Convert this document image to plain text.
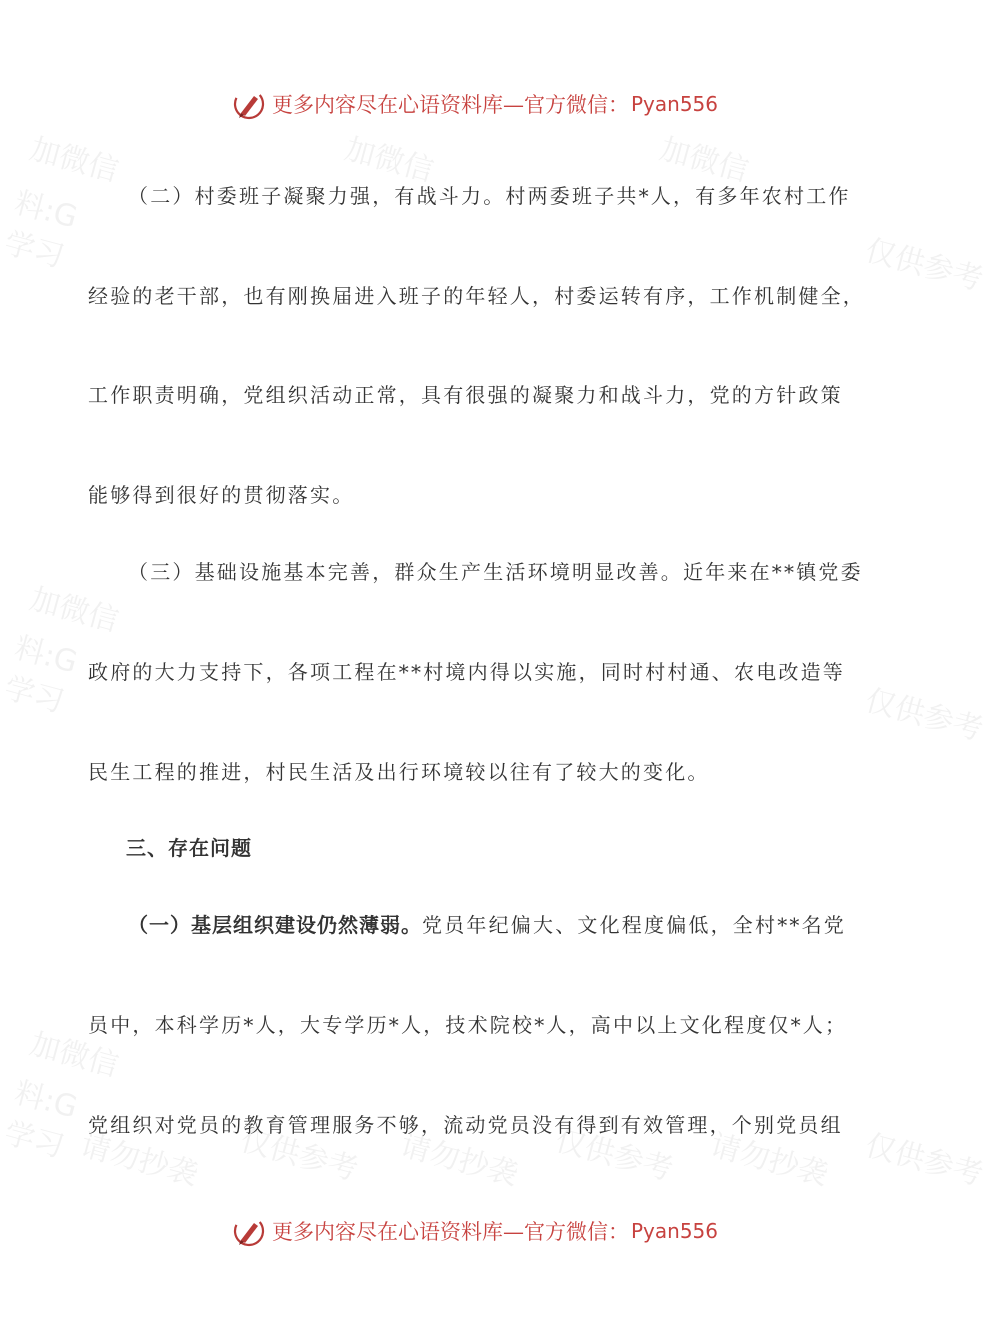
加微信	加微信	加微信
料:G
学习	仅供参考
加微信
料:G
学习	仅供参考
加微信
料:G
学习 请勿抄袭 仅供参考 请勿抄袭 仅供参考 请勿抄袭 仅供参考
更多内容尽在心语资料库—官方微信： Pyan556
（二）村委班子凝聚力强，有战斗力。村两委班子共*人，有多年农村工作
经验的老干部，也有刚换届进入班子的年轻人，村委运转有序，工作机制健全，
工作职责明确，党组织活动正常，具有很强的凝聚力和战斗力，党的方针政策
能够得到很好的贯彻落实。
（三）基础设施基本完善，群众生产生活环境明显改善。近年来在**镇党委
政府的大力支持下，各项工程在**村境内得以实施，同时村村通、农电改造等
民生工程的推进，村民生活及出行环境较以往有了较大的变化。
三、存在问题
（一）基层组织建设仍然薄弱。党员年纪偏大、文化程度偏低，全村**名党
员中，本科学历*人，大专学历*人，技术院校*人，高中以上文化程度仅*人；
党组织对党员的教育管理服务不够，流动党员没有得到有效管理，个别党员组
更多内容尽在心语资料库—官方微信： Pyan556
